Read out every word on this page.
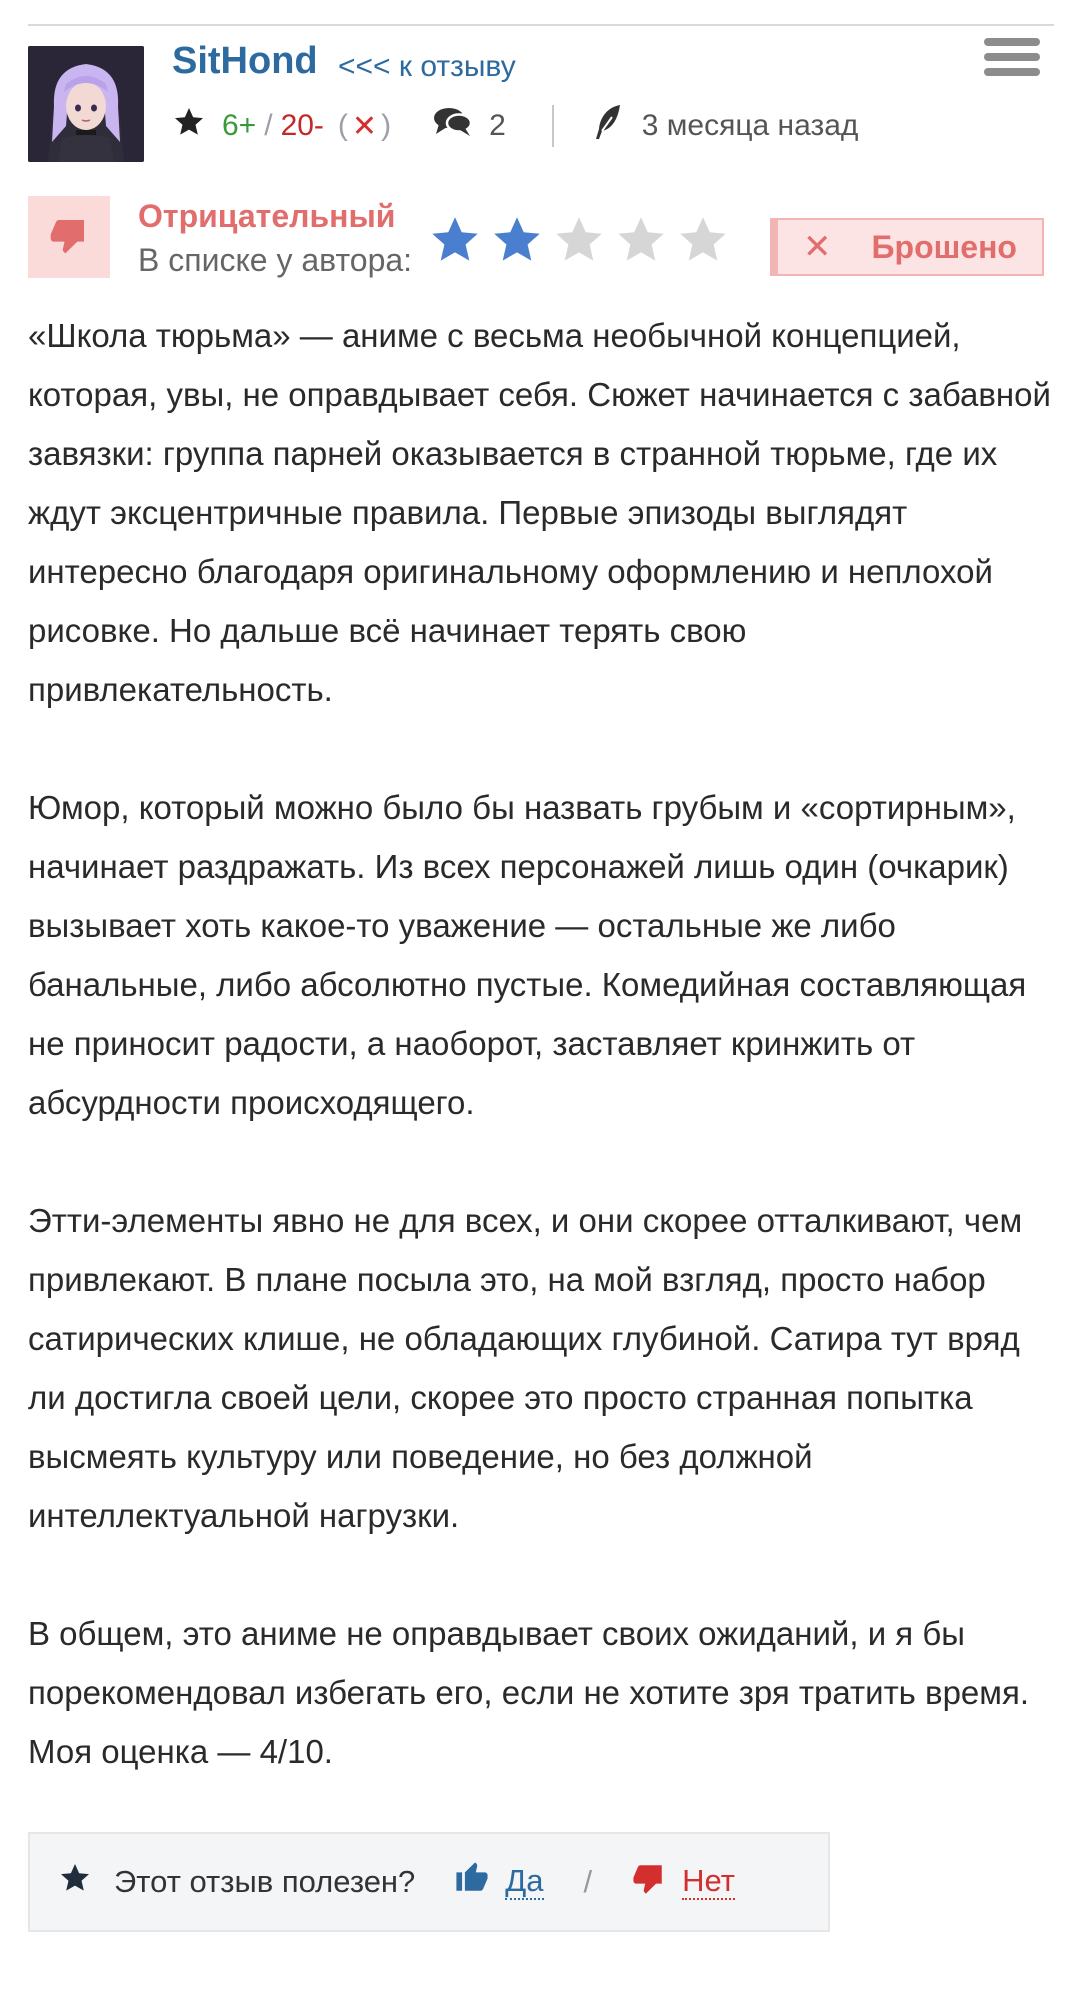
SitHond <<< к отзыву
6+ / 20- ( ✕ )	2	3 месяца назад
Отрицательный
В списке у автора:	✕ Брошено

«Школа тюрьма» — аниме с весьма необычной концепцией, которая, увы, не оправдывает себя. Сюжет начинается с забавной завязки: группа парней оказывается в странной тюрьме, где их ждут эксцентричные правила. Первые эпизоды выглядят интересно благодаря оригинальному оформлению и неплохой рисовке. Но дальше всё начинает терять свою привлекательность.

Юмор, который можно было бы назвать грубым и «сортирным», начинает раздражать. Из всех персонажей лишь один (очкарик) вызывает хоть какое-то уважение — остальные же либо банальные, либо абсолютно пустые. Комедийная составляющая не приносит радости, а наоборот, заставляет кринжить от абсурдности происходящего.

Этти-элементы явно не для всех, и они скорее отталкивают, чем привлекают. В плане посыла это, на мой взгляд, просто набор сатирических клише, не обладающих глубиной. Сатира тут вряд ли достигла своей цели, скорее это просто странная попытка высмеять культуру или поведение, но без должной интеллектуальной нагрузки.

В общем, это аниме не оправдывает своих ожиданий, и я бы порекомендовал избегать его, если не хотите зря тратить время. Моя оценка — 4/10.

Этот отзыв полезен?	Да /	Нет
